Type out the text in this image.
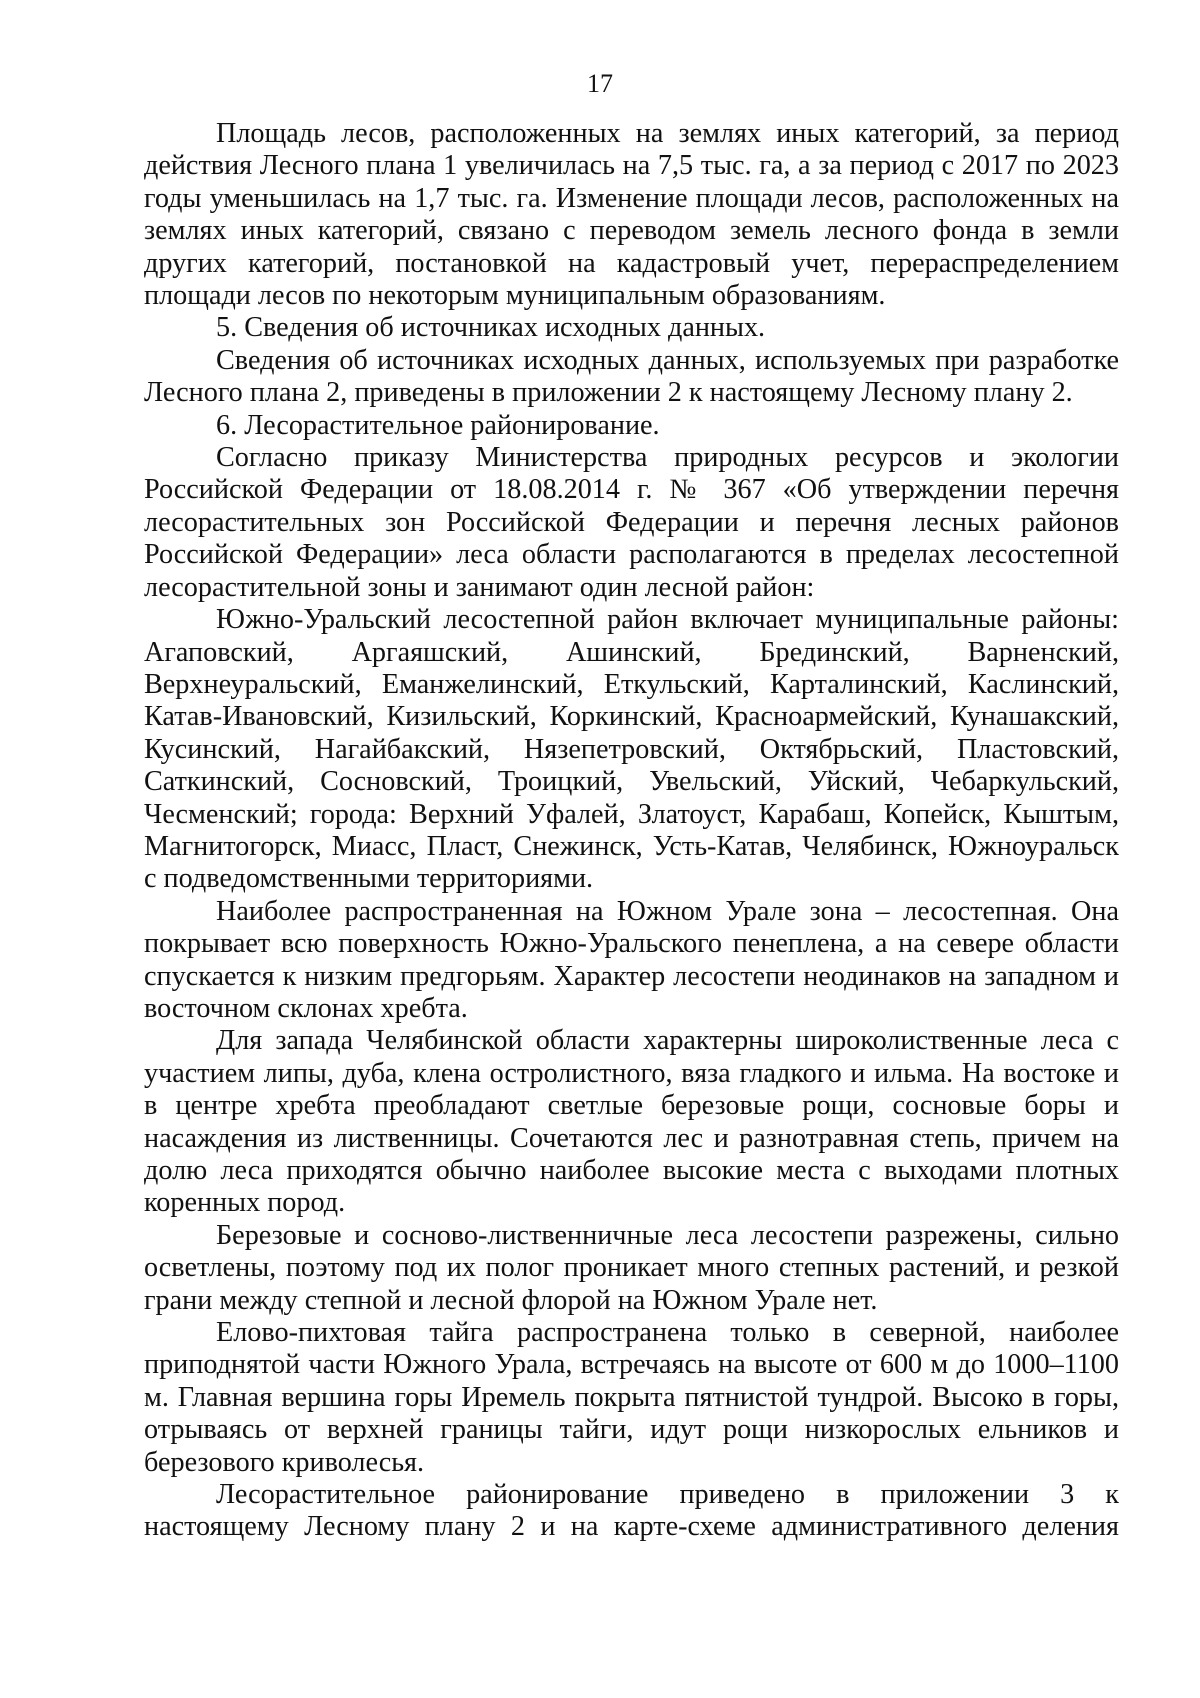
17

Площадь лесов, расположенных на землях иных категорий, за период действия Лесного плана 1 увеличилась на 7,5 тыс. га, а за период с 2017 по 2023 годы уменьшилась на 1,7 тыс. га. Изменение площади лесов, расположенных на землях иных категорий, связано с переводом земель лесного фонда в земли других категорий, постановкой на кадастровый учет, перераспределением площади лесов по некоторым муниципальным образованиям.

5. Сведения об источниках исходных данных.

Сведения об источниках исходных данных, используемых при разработке Лесного плана 2, приведены в приложении 2 к настоящему Лесному плану 2.

6. Лесорастительное районирование.

Согласно приказу Министерства природных ресурсов и экологии Российской Федерации от 18.08.2014 г. № 367 «Об утверждении перечня лесорастительных зон Российской Федерации и перечня лесных районов Российской Федерации» леса области располагаются в пределах лесостепной лесорастительной зоны и занимают один лесной район:

Южно-Уральский лесостепной район включает муниципальные районы: Агаповский, Аргаяшский, Ашинский, Брединский, Варненский, Верхнеуральский, Еманжелинский, Еткульский, Карталинский, Каслинский, Катав-Ивановский, Кизильский, Коркинский, Красноармейский, Кунашакский, Кусинский, Нагайбакский, Нязепетровский, Октябрьский, Пластовский, Саткинский, Сосновский, Троицкий, Увельский, Уйский, Чебаркульский, Чесменский; города: Верхний Уфалей, Златоуст, Карабаш, Копейск, Кыштым, Магнитогорск, Миасс, Пласт, Снежинск, Усть-Катав, Челябинск, Южноуральск с подведомственными территориями.

Наиболее распространенная на Южном Урале зона – лесостепная. Она покрывает всю поверхность Южно-Уральского пенеплена, а на севере области спускается к низким предгорьям. Характер лесостепи неодинаков на западном и восточном склонах хребта.

Для запада Челябинской области характерны широколиственные леса с участием липы, дуба, клена остролистного, вяза гладкого и ильма. На востоке и в центре хребта преобладают светлые березовые рощи, сосновые боры и насаждения из лиственницы. Сочетаются лес и разнотравная степь, причем на долю леса приходятся обычно наиболее высокие места с выходами плотных коренных пород.

Березовые и сосново-лиственничные леса лесостепи разрежены, сильно осветлены, поэтому под их полог проникает много степных растений, и резкой грани между степной и лесной флорой на Южном Урале нет.

Елово-пихтовая тайга распространена только в северной, наиболее приподнятой части Южного Урала, встречаясь на высоте от 600 м до 1000–1100 м. Главная вершина горы Иремель покрыта пятнистой тундрой. Высоко в горы, отрываясь от верхней границы тайги, идут рощи низкорослых ельников и березового криволесья.

Лесорастительное районирование приведено в приложении 3 к настоящему Лесному плану 2 и на карте-схеме административного деления
